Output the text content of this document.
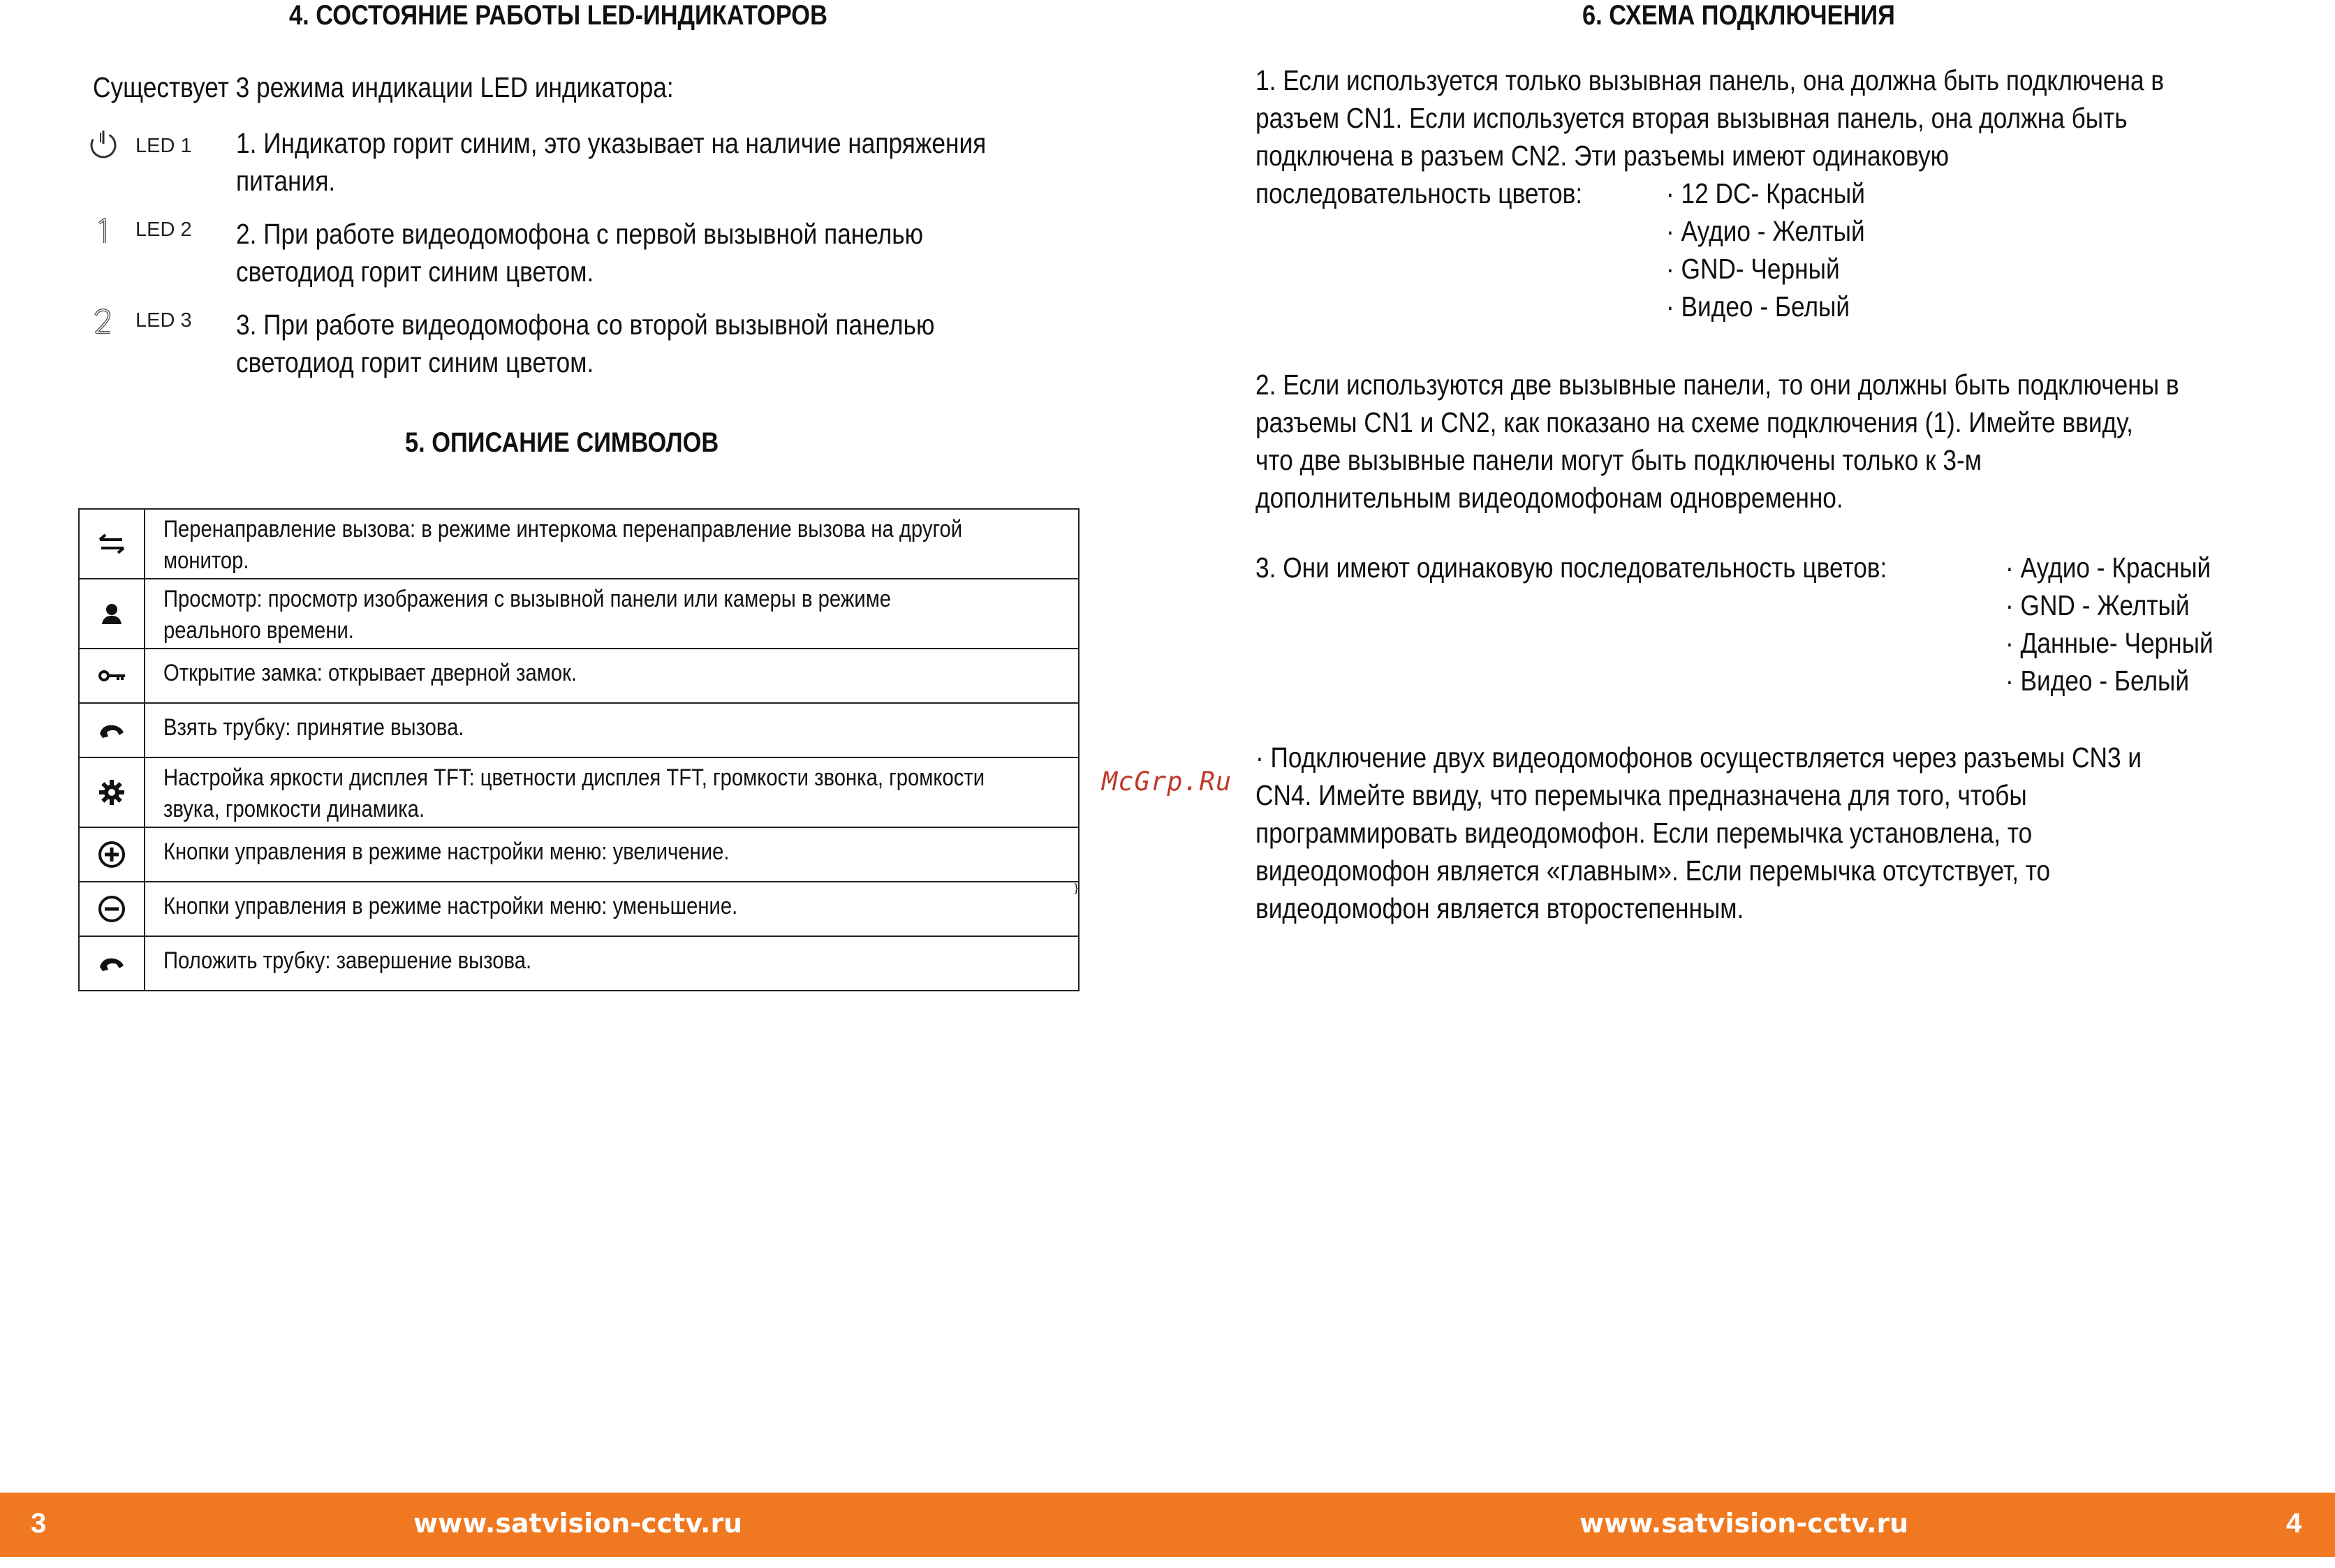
4. СОСТОЯНИЕ РАБОТЫ LED-ИНДИКАТОРОВ
Существует 3 режима индикации LED индикатора:
LED 1 1. Индикатор горит синим, это указывает на наличие напряжения
питания.
LED 2 2. При работе видеодомофона с первой вызывной панелью
светодиод горит синим цветом.
LED 3 3. При работе видеодомофона со второй вызывной панелью
светодиод горит синим цветом.
5. ОПИСАНИЕ СИМВОЛОВ
Перенаправление вызова: в режиме интеркома перенаправление вызова на другой
монитор.
Просмотр: просмотр изображения с вызывной панели или камеры в режиме
реального времени.
Открытие замка: открывает дверной замок.
Взять трубку: принятие вызова.
Настройка яркости дисплея TFT: цветности дисплея TFT, громкости звонка, громкости
звука, громкости динамика.
Кнопки управления в режиме настройки меню: увеличение.
Кнопки управления в режиме настройки меню: уменьшение.
}
Положить трубку: завершение вызова.
McGrp.Ru
6. СХЕМА ПОДКЛЮЧЕНИЯ
1. Если используется только вызывная панель, она должна быть подключена в
разъем CN1. Если используется вторая вызывная панель, она должна быть
подключена в разъем CN2. Эти разъемы имеют одинаковую
последовательность цветов:	· 12 DC- Красный
· Аудио - Желтый
· GND- Черный
· Видео - Белый
2. Если используются две вызывные панели, то они должны быть подключены в
разъемы CN1 и CN2, как показано на схеме подключения (1). Имейте ввиду,
что две вызывные панели могут быть подключены только к 3-м
дополнительным видеодомофонам одновременно.
3. Они имеют одинаковую последовательность цветов:	· Аудио - Красный
· GND - Желтый
· Данные- Черный
· Видео - Белый
· Подключение двух видеодомофонов осуществляется через разъемы CN3 и
CN4. Имейте ввиду, что перемычка предназначена для того, чтобы
программировать видеодомофон. Если перемычка установлена, то
видеодомофон является «главным». Если перемычка отсутствует, то
видеодомофон является второстепенным.
3	www.satvision-cctv.ru	www.satvision-cctv.ru	4
